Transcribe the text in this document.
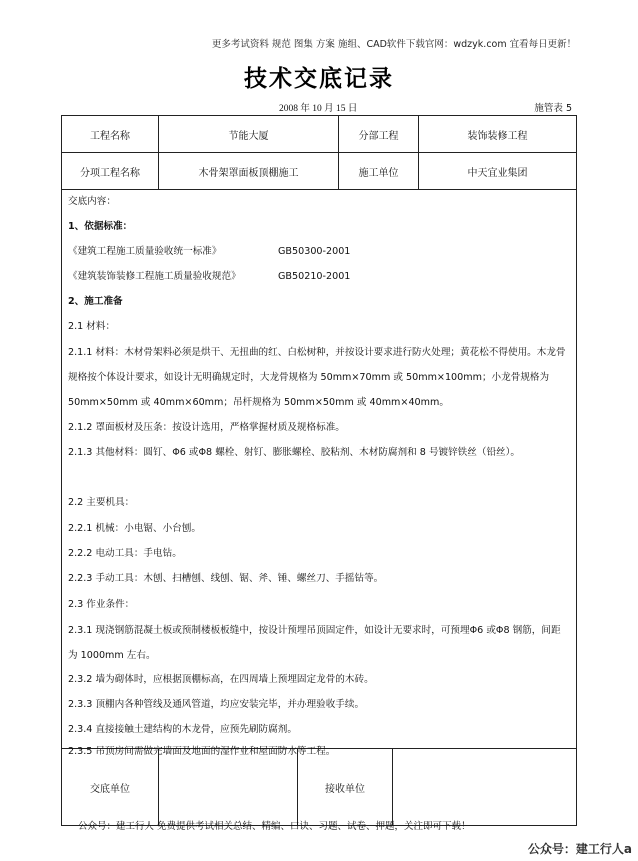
更多考试资料 规范 图集 方案 施组、CAD软件下载官网：wdzyk.com 宜看每日更新！
技术交底记录
2008 年 10 月 15 日	施管表 5
工程名称	节能大厦	分部工程	装饰装修工程
分项工程名称	木骨架罩面板顶棚施工	施工单位	中天宜业集团
交底内容：
1、依据标准：
《建筑工程施工质量验收统一标准》	GB50300-2001
《建筑装饰装修工程施工质量验收规范》	GB50210-2001
2、施工准备
2.1 材料：
2.1.1 材料：木材骨架料必须是烘干、无扭曲的红、白松树种，并按设计要求进行防火处理；黄花松不得使用。木龙骨规格按个体设计要求，如设计无明确规定时，大龙骨规格为 50mm×70mm 或 50mm×100mm；小龙骨规格为 50mm×50mm 或 40mm×60mm；吊杆规格为 50mm×50mm 或 40mm×40mm。
2.1.2 罩面板材及压条：按设计选用，严格掌握材质及规格标准。
2.1.3 其他材料：圆钉、Φ6 或Φ8 螺栓、射钉、膨胀螺栓、胶粘剂、木材防腐剂和 8 号镀锌铁丝（铅丝）。
2.2 主要机具：
2.2.1 机械：小电锯、小台刨。
2.2.2 电动工具：手电钻。
2.2.3 手动工具：木刨、扫槽刨、线刨、锯、斧、锤、螺丝刀、手摇钻等。
2.3 作业条件：
2.3.1 现浇钢筋混凝土板或预制楼板板缝中，按设计预埋吊顶固定件，如设计无要求时，可预埋Φ6 或Φ8 钢筋，间距为 1000mm 左右。
2.3.2 墙为砌体时，应根据顶棚标高，在四周墙上预埋固定龙骨的木砖。
2.3.3 顶棚内各种管线及通风管道，均应安装完毕，并办理验收手续。
2.3.4 直接接触土建结构的木龙骨，应预先刷防腐剂。
2.3.5 吊顶房间需做完墙面及地面的湿作业和屋面防水等工程。
交底单位	接收单位
公众号：建工行人 免费提供考试相关总结、精编、口诀、习题、试卷、押题，关注即可下载！
公众号：建工行人a
